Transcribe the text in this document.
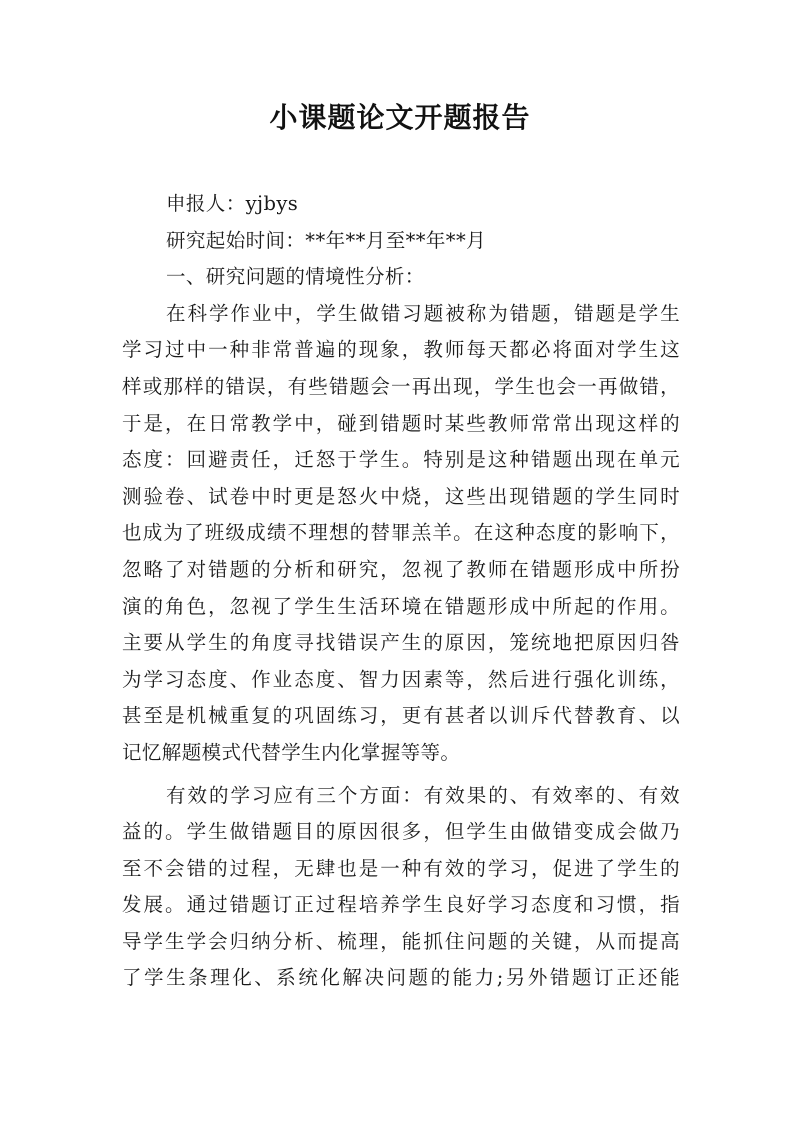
小课题论文开题报告
申报人：yjbys
研究起始时间：**年**月至**年**月
一、研究问题的情境性分析：
在科学作业中，学生做错习题被称为错题，错题是学生
学习过中一种非常普遍的现象，教师每天都必将面对学生这
样或那样的错误，有些错题会一再出现，学生也会一再做错，
于是，在日常教学中，碰到错题时某些教师常常出现这样的
态度：回避责任，迁怒于学生。特别是这种错题出现在单元
测验卷、试卷中时更是怒火中烧，这些出现错题的学生同时
也成为了班级成绩不理想的替罪羔羊。在这种态度的影响下，
忽略了对错题的分析和研究，忽视了教师在错题形成中所扮
演的角色，忽视了学生生活环境在错题形成中所起的作用。
主要从学生的角度寻找错误产生的原因，笼统地把原因归咎
为学习态度、作业态度、智力因素等，然后进行强化训练，
甚至是机械重复的巩固练习，更有甚者以训斥代替教育、以
记忆解题模式代替学生内化掌握等等。
有效的学习应有三个方面：有效果的、有效率的、有效
益的。学生做错题目的原因很多，但学生由做错变成会做乃
至不会错的过程，无肆也是一种有效的学习，促进了学生的
发展。通过错题订正过程培养学生良好学习态度和习惯，指
导学生学会归纳分析、梳理，能抓住问题的关键，从而提高
了学生条理化、系统化解决问题的能力;另外错题订正还能
